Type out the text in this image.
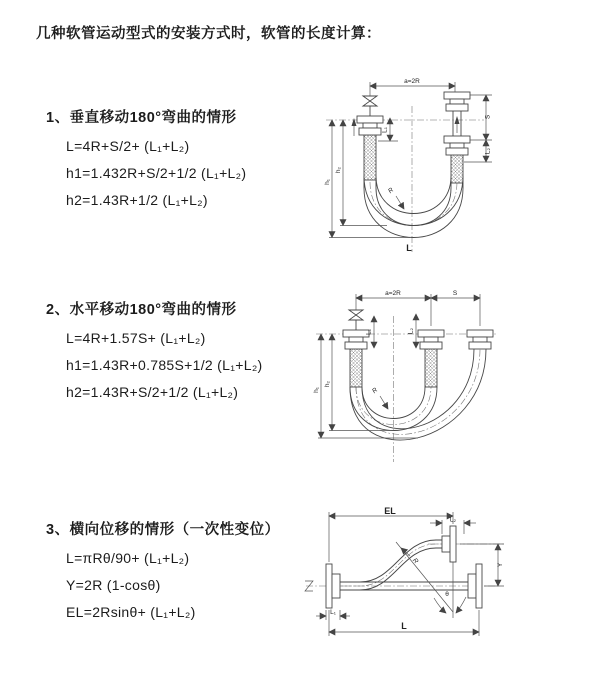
几种软管运动型式的安装方式时，软管的长度计算：
1、垂直移动180°弯曲的情形
L=4R+S/2+ (L₁+L₂)
h1=1.432R+S/2+1/2 (L₁+L₂)
h2=1.43R+1/2 (L₁+L₂)
2、水平移动180°弯曲的情形
L=4R+1.57S+ (L₁+L₂)
h1=1.43R+0.785S+1/2 (L₁+L₂)
h2=1.43R+S/2+1/2 (L₁+L₂)
3、横向位移的情形（一次性变位）
L=πRθ/90+ (L₁+L₂)
Y=2R (1-cosθ)
EL=2Rsinθ+ (L₁+L₂)
a=2R
L₁
S
L₂
h₁
h₂
R
L
a=2R	S
L₁	L₂
h₁
h₂
R
EL
L₂
Y
L
L₁
θ
R
